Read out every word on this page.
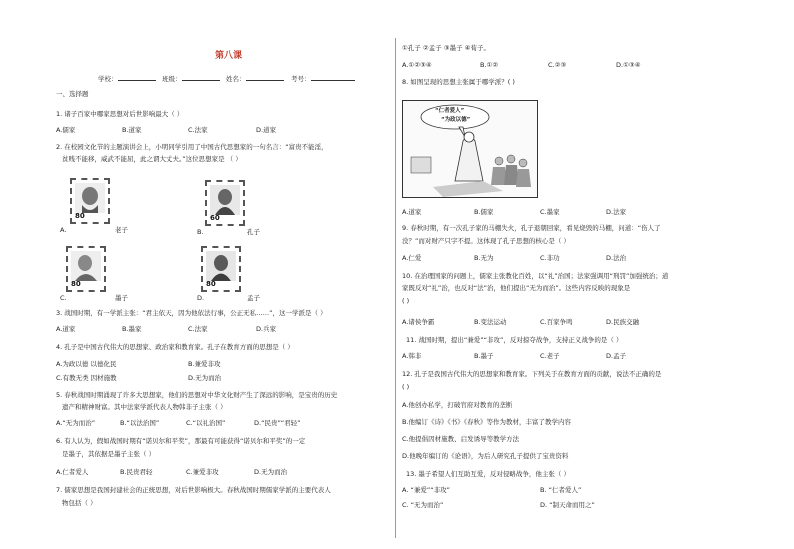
第八课
学校：	班级：	姓名：	考号：
一、选择题
1. 诸子百家中哪家思想对后世影响最大（ ）
A.儒家	B.道家	C.法家	D.道家
2. 在校园文化节的主题演讲会上，小明同学引用了中国古代思想家的一句名言：“富贵不能淫，
贫贱不能移，威武不能屈，此之谓大丈夫。”这位思想家是 （ ）
80
A.	老子
60
B.	孔子
80
C.	墨子
80
D.	孟子
3. 战国时期，有一学派主张：“君主依天，因为他依法行事，公正无私……”，这一学派是（ ）
A.道家	B.墨家	C.法家	D.兵家
4. 孔子是中国古代伟大的思想家、政治家和教育家。孔子在教育方面的思想是（ ）
A.为政以德 以德化民	B.兼爱非攻
C.有教无类 因材施教	D.无为而治
5. 春秋战国时期涌现了许多大思想家，他们的思想对中华文化财产生了深远的影响，是宝贵的历史
遗产和精神财富。其中法家学派代表人物韩非子主张（ ）
A.“无为而治”	B.“以法治国”	C.“以礼治国”	D.“民贵”“君轻”
6. 有人认为，假如战国时期有“诺贝尔和平奖”，那最有可能获得“诺贝尔和平奖”的一定
是墨子，其依据是墨子主张（ ）
A.仁者爱人	B.民贵君轻	C.兼爱非攻	D.无为而治
7. 儒家思想是我国封建社会的正统思想，对后世影响极大。春秋战国时期儒家学派的主要代表人
物包括（ ）
①孔子 ②孟子 ③墨子 ④荀子。
A.①②③④	B.①②	C.②③	D.①③④
8. 如图呈现的思想主张属于哪学派？( )
“仁者爱人”
“为政以德”
A.道家	B.儒家	C.墨家	D.法家
9. 春秋时期，有一次孔子家的马棚失火，孔子退朝回家，看见烧毁的马棚，问道：“伤人了
没？”而对财产只字不提。这体现了孔子思想的核心是（ ）
A.仁爱	B.无为	C.非功	D.法治
10. 在治理国家的问题上，儒家主张教化百姓，以“礼”治国；法家强调用“刑罚”加强统治；道
家既反对“礼”治，也反对“法”治，他们提出“无为而治”。这些内容反映的现象是
( )
A.诸侯争霸	B.变法运动	C.百家争鸣	D.民族交融
11. 战国时期，提出“兼爱”“非攻”，反对掠夺战争，支持正义战争的是（ ）
A.韩非	B.墨子	C.老子	D.孟子
12. 孔子是我国古代伟大的思想家和教育家。下列关于在教育方面的贡献，说法不正确的是
( )
A.他创办私学，打破官府对教育的垄断
B.他编订《诗》《书》《春秋》等作为教材，丰富了教学内容
C.他提倡因材施教、启发诱导等教学方法
D.他晚年编订的《论语》，为后人研究孔子提供了宝贵资料
13. 墨子希望人们互助互爱，反对侵略战争，他主张（ ）
A. “兼爱”“非攻”	B. “仁者爱人”
C. “无为而治”	D. “制天命而用之”
